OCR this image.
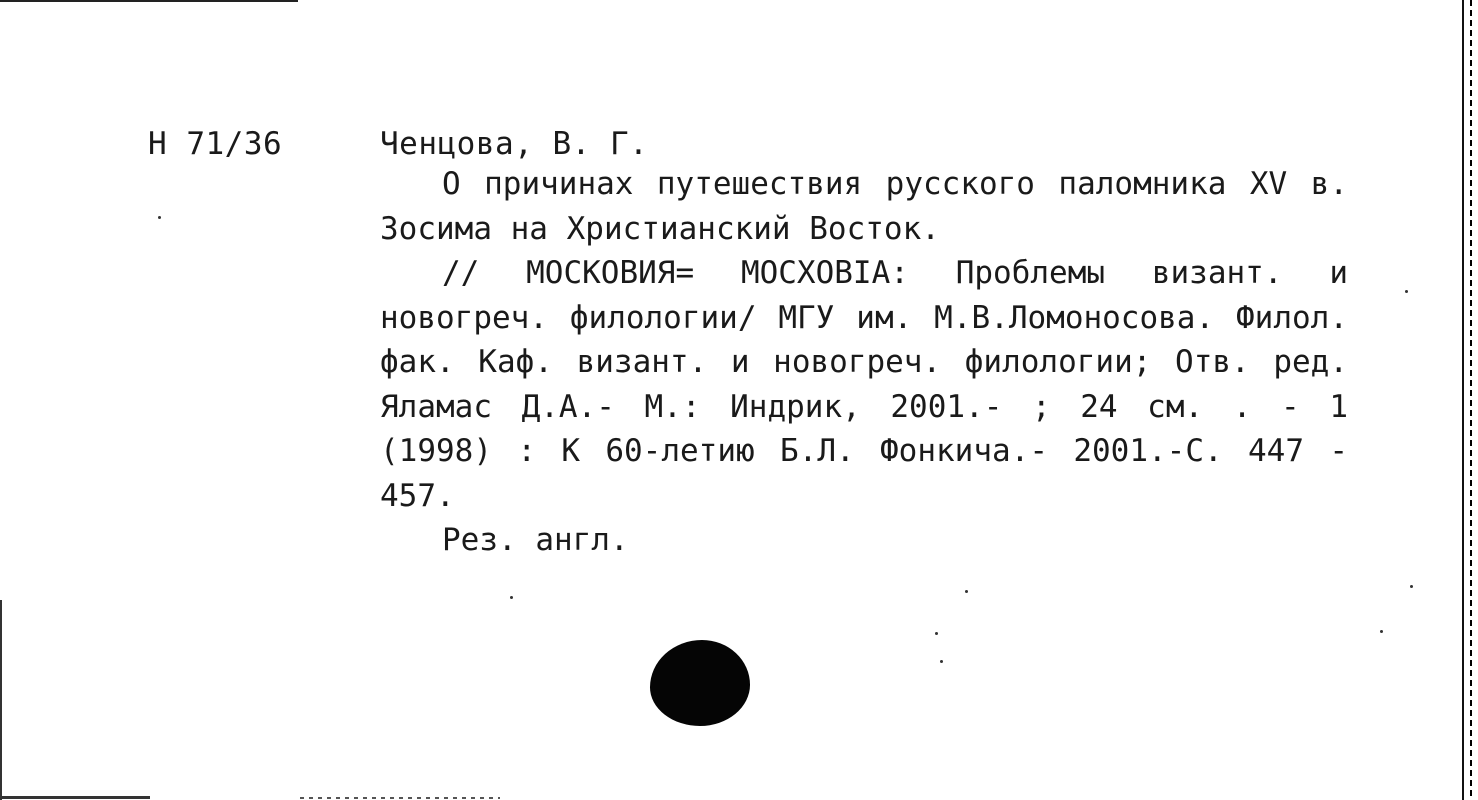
Н 71/36	Ченцова, В. Г.

О причинах путешествия русского паломника XV в. Зосима на Христианский Восток.

// МОСКОВИЯ= МОСХОВIА: Проблемы визант. и новогреч. филологии/ МГУ им. М.В.Ломоносова. Филол. фак. Каф. визант. и новогреч. филологии; Отв. ред. Яламас Д.А.- М.: Индрик, 2001.- ; 24 см. . - 1 (1998) : К 60-летию Б.Л. Фонкича.- 2001.-С. 447 - 457.

Рез. англ.
